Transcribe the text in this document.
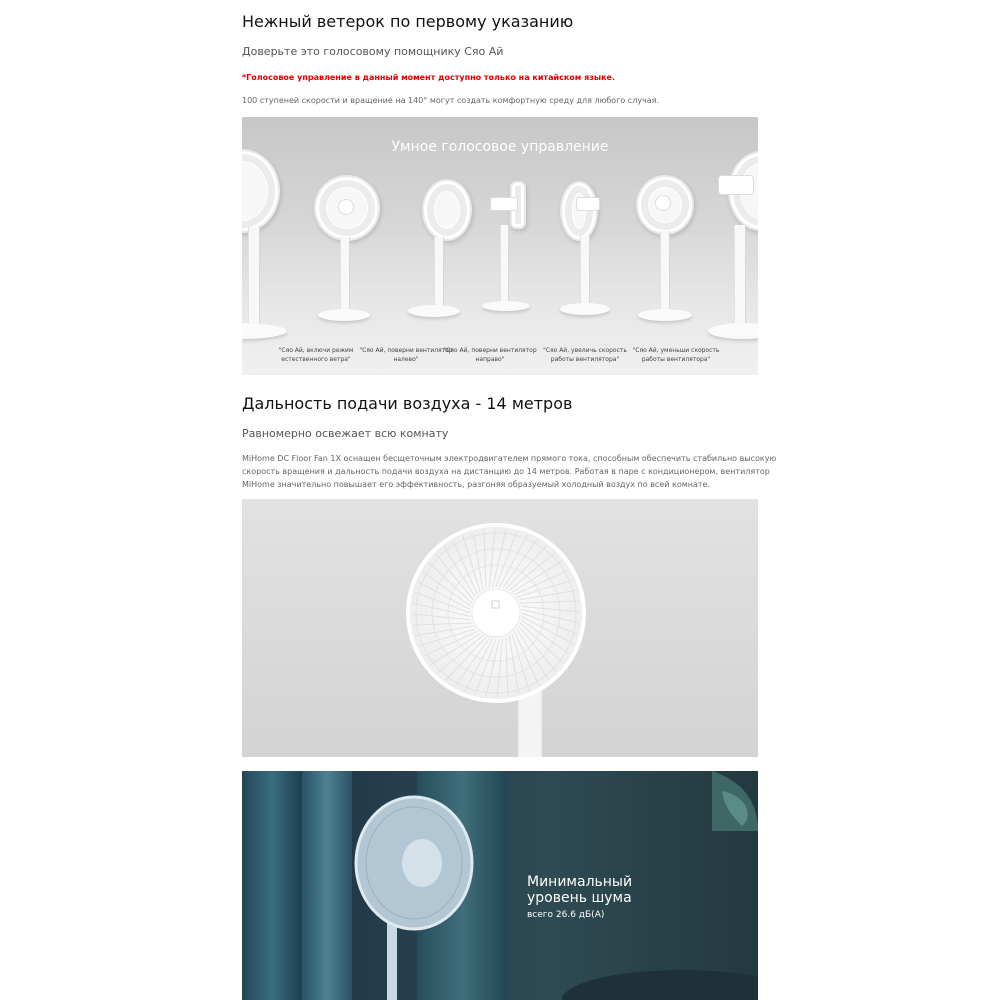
Нежный ветерок по первому указанию
Доверьте это голосовому помощнику Сяо Ай
*Голосовое управление в данный момент доступно только на китайском языке.
100 ступеней скорости и вращение на 140° могут создать комфортную среду для любого случая.
Умное голосовое управление
"Сяо Ай, включи режим естественного ветра"
"Сяо Ай, поверни вентилятор налево"
"Сяо Ай, поверни вентилятор направо"
"Сяо Ай, увеличь скорость работы вентилятора"
"Сяо Ай, уменьши скорость работы вентилятора"
Дальность подачи воздуха - 14 метров
Равномерно освежает всю комнату
MiHome DC Floor Fan 1X оснащен бесщеточным электродвигателем прямого тока, способным обеспечить стабильно высокую
скорость вращения и дальность подачи воздуха на дистанцию до 14 метров. Работая в паре с кондиционером, вентилятор
MiHome значительно повышает его эффективность, разгоняя образуемый холодный воздух по всей комнате.
Минимальный
уровень шума
всего 26.6 дБ(А)
